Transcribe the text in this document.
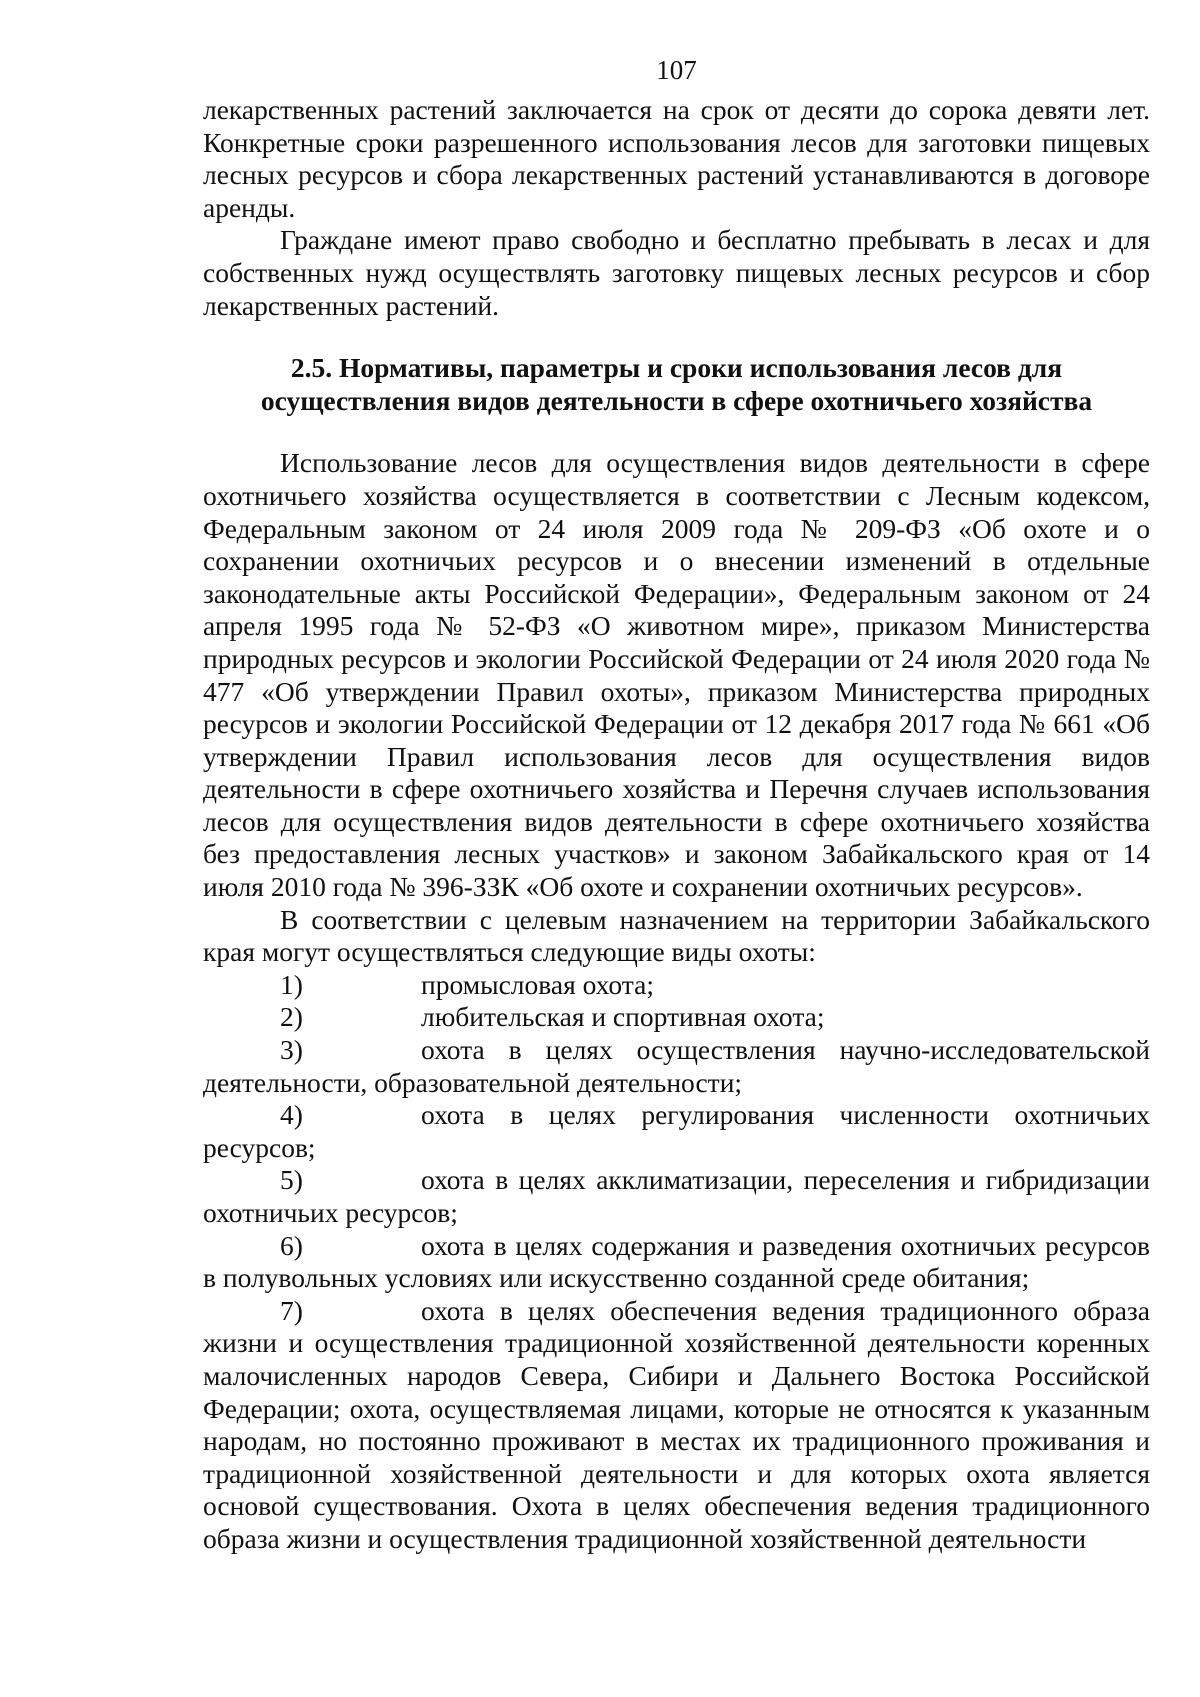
107

лекарственных растений заключается на срок от десяти до сорока девяти лет. Конкретные сроки разрешенного использования лесов для заготовки пищевых лесных ресурсов и сбора лекарственных растений устанавливаются в договоре аренды.

Граждане имеют право свободно и бесплатно пребывать в лесах и для собственных нужд осуществлять заготовку пищевых лесных ресурсов и сбор лекарственных растений.

2.5. Нормативы, параметры и сроки использования лесов для
осуществления видов деятельности в сфере охотничьего хозяйства

Использование лесов для осуществления видов деятельности в сфере охотничьего хозяйства осуществляется в соответствии с Лесным кодексом, Федеральным законом от 24 июля 2009 года № 209-ФЗ «Об охоте и о сохранении охотничьих ресурсов и о внесении изменений в отдельные законодательные акты Российской Федерации», Федеральным законом от 24 апреля 1995 года № 52-ФЗ «О животном мире», приказом Министерства природных ресурсов и экологии Российской Федерации от 24 июля 2020 года № 477 «Об утверждении Правил охоты», приказом Министерства природных ресурсов и экологии Российской Федерации от 12 декабря 2017 года № 661 «Об утверждении Правил использования лесов для осуществления видов деятельности в сфере охотничьего хозяйства и Перечня случаев использования лесов для осуществления видов деятельности в сфере охотничьего хозяйства без предоставления лесных участков» и законом Забайкальского края от 14 июля 2010 года № 396-ЗЗК «Об охоте и сохранении охотничьих ресурсов».

В соответствии с целевым назначением на территории Забайкальского края могут осуществляться следующие виды охоты:

1)	промысловая охота;

2)	любительская и спортивная охота;

3)	охота в целях осуществления научно-исследовательской деятельности, образовательной деятельности;

4)	охота в целях регулирования численности охотничьих ресурсов;

5)	охота в целях акклиматизации, переселения и гибридизации охотничьих ресурсов;

6)	охота в целях содержания и разведения охотничьих ресурсов в полувольных условиях или искусственно созданной среде обитания;

7)	охота в целях обеспечения ведения традиционного образа жизни и осуществления традиционной хозяйственной деятельности коренных малочисленных народов Севера, Сибири и Дальнего Востока Российской Федерации; охота, осуществляемая лицами, которые не относятся к указанным народам, но постоянно проживают в местах их традиционного проживания и традиционной хозяйственной деятельности и для которых охота является основой существования. Охота в целях обеспечения ведения традиционного образа жизни и осуществления традиционной хозяйственной деятельности
